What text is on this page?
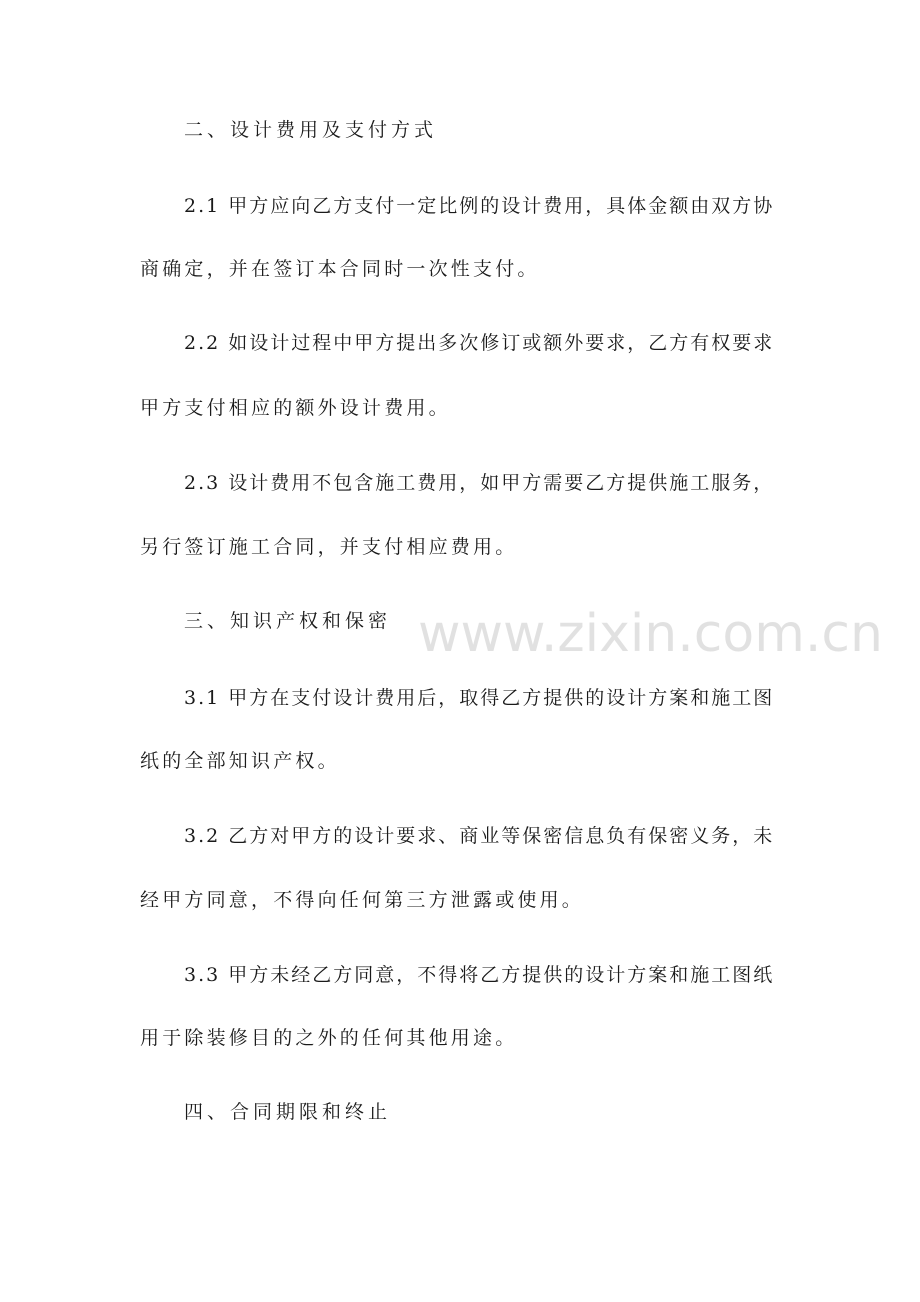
二、设计费用及支付方式
2.1 甲方应向乙方支付一定比例的设计费用，具体金额由双方协
商确定，并在签订本合同时一次性支付。
2.2 如设计过程中甲方提出多次修订或额外要求，乙方有权要求
甲方支付相应的额外设计费用。
2.3 设计费用不包含施工费用，如甲方需要乙方提供施工服务，
另行签订施工合同，并支付相应费用。
三、知识产权和保密
3.1 甲方在支付设计费用后，取得乙方提供的设计方案和施工图
纸的全部知识产权。
3.2 乙方对甲方的设计要求、商业等保密信息负有保密义务，未
经甲方同意，不得向任何第三方泄露或使用。
3.3 甲方未经乙方同意，不得将乙方提供的设计方案和施工图纸
用于除装修目的之外的任何其他用途。
四、合同期限和终止
www.zixin.com.cn
